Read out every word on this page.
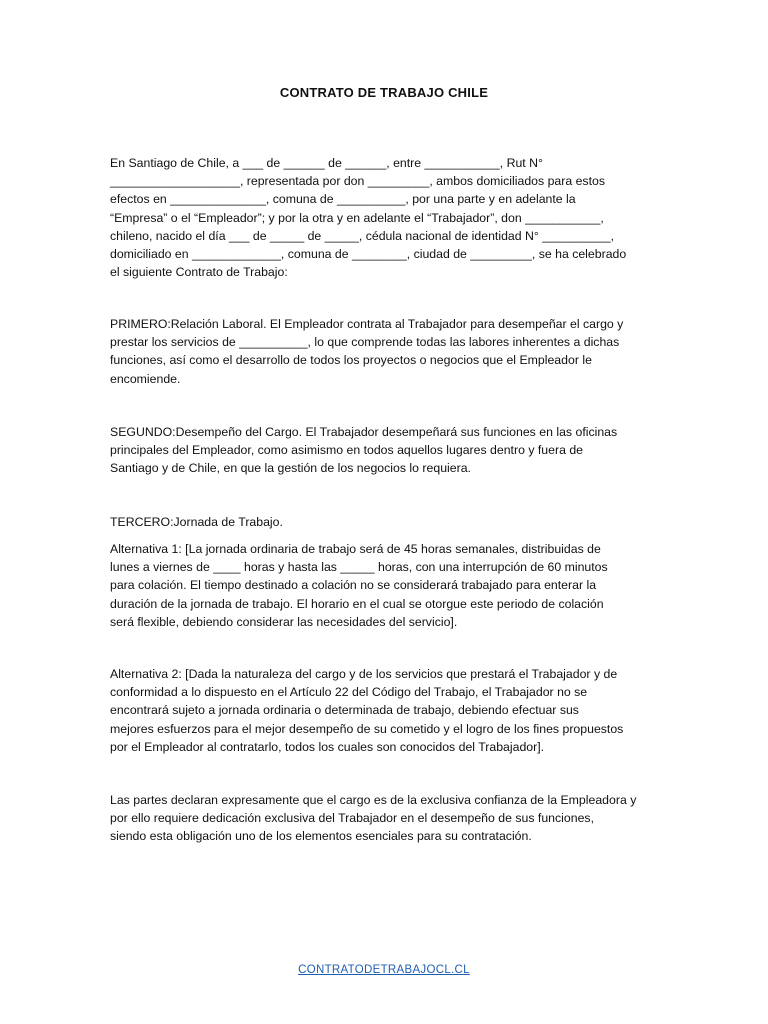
CONTRATO DE TRABAJO CHILE

En Santiago de Chile, a ___ de ______ de ______, entre ___________, Rut N°
___________________, representada por don _________, ambos domiciliados para estos
efectos en ______________, comuna de __________, por una parte y en adelante la
“Empresa” o el “Empleador”; y por la otra y en adelante el “Trabajador”, don ___________,
chileno, nacido el día ___ de _____ de _____, cédula nacional de identidad N° __________,
domiciliado en _____________, comuna de ________, ciudad de _________, se ha celebrado
el siguiente Contrato de Trabajo:

PRIMERO:Relación Laboral. El Empleador contrata al Trabajador para desempeñar el cargo y
prestar los servicios de __________, lo que comprende todas las labores inherentes a dichas
funciones, así como el desarrollo de todos los proyectos o negocios que el Empleador le
encomiende.

SEGUNDO:Desempeño del Cargo. El Trabajador desempeñará sus funciones en las oficinas
principales del Empleador, como asimismo en todos aquellos lugares dentro y fuera de
Santiago y de Chile, en que la gestión de los negocios lo requiera.

TERCERO:Jornada de Trabajo.

Alternativa 1: [La jornada ordinaria de trabajo será de 45 horas semanales, distribuidas de
lunes a viernes de ____ horas y hasta las _____ horas, con una interrupción de 60 minutos
para colación. El tiempo destinado a colación no se considerará trabajado para enterar la
duración de la jornada de trabajo. El horario en el cual se otorgue este periodo de colación
será flexible, debiendo considerar las necesidades del servicio].

Alternativa 2: [Dada la naturaleza del cargo y de los servicios que prestará el Trabajador y de
conformidad a lo dispuesto en el Artículo 22 del Código del Trabajo, el Trabajador no se
encontrará sujeto a jornada ordinaria o determinada de trabajo, debiendo efectuar sus
mejores esfuerzos para el mejor desempeño de su cometido y el logro de los fines propuestos
por el Empleador al contratarlo, todos los cuales son conocidos del Trabajador].

Las partes declaran expresamente que el cargo es de la exclusiva confianza de la Empleadora y
por ello requiere dedicación exclusiva del Trabajador en el desempeño de sus funciones,
siendo esta obligación uno de los elementos esenciales para su contratación.

CONTRATODETRABAJOCL.CL
